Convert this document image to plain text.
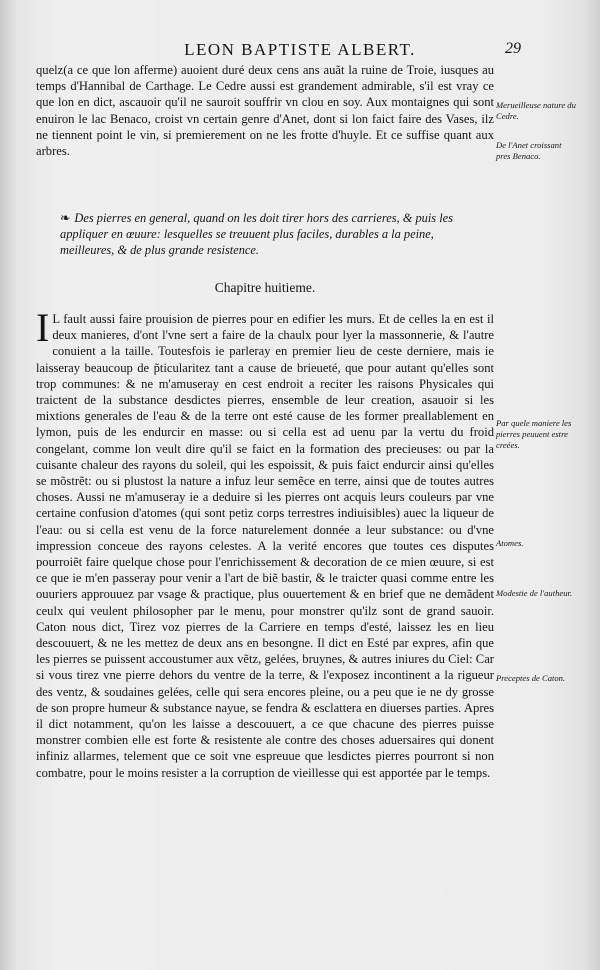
LEON BAPTISTE ALBERT.	29

quelz(a ce que lon afferme) auoient duré deux cens ans auãt la ruine de Troie, iusques au temps d'Hannibal de Carthage. Le Cedre aussi est grandement admirable, s'il est vray ce que lon en dict, ascauoir qu'il ne sauroit souffrir vn clou en soy. Aux montaignes qui sont enuiron le lac Benaco, croist vn certain genre d'Anet, dont si lon faict faire des Vases, ilz ne tiennent point le vin, si premierement on ne les frotte d'huyle. Et ce suffise quant aux arbres.

Merueilleuse nature du Cedre.
De l'Anet croissant pres Benaco.
❧ Des pierres en general, quand on les doit tirer hors des carrieres, & puis les appliquer en œuure: lesquelles se treuuent plus faciles, durables a la peine, meilleures, & de plus grande resistence.
Chapitre huitieme.
I L fault aussi faire prouision de pierres pour en edifier les murs. Et de celles la en est il deux manieres, d'ont l'vne sert a faire de la chaulx pour lyer la massonnerie, & l'autre conuient a la taille. Toutesfois ie parleray en premier lieu de ceste derniere, mais ie laisseray beaucoup de p̃ticularitez tant a cause de brieueté, que pour autant qu'elles sont trop communes: & ne m'amuseray en cest endroit a reciter les raisons Physicales qui traictent de la substance desdictes pierres, ensemble de leur creation, asauoir si les mixtions generales de l'eau & de la terre ont esté cause de les former preallablement en lymon, puis de les endurcir en masse: ou si cella est ad uenu par la vertu du froid congelant, comme lon veult dire qu'il se faict en la formation des precieuses: ou par la cuisante chaleur des rayons du soleil, qui les espoissit, & puis faict endurcir ainsi qu'elles se mõstrẽt: ou si plustost la nature a infuz leur semẽce en terre, ainsi que de toutes autres choses. Aussi ne m'amuseray ie a deduire si les pierres ont acquis leurs couleurs par vne certaine confusion d'atomes (qui sont petiz corps terrestres indiuisibles) auec la liqueur de l'eau: ou si cella est venu de la force naturelement donnée a leur substance: ou d'vne impression conceue des rayons celestes. A la verité encores que toutes ces disputes pourroiẽt faire quelque chose pour l'enrichissement & decoration de ce mien œuure, si est ce que ie m'en passeray pour venir a l'art de biẽ bastir, & le traicter quasi comme entre les ouuriers approuuez par vsage & practique, plus ouuertement & en brief que ne demãdent ceulx qui veulent philosopher par le menu, pour monstrer qu'ilz sont de grand sauoir. Caton nous dict, Tirez voz pierres de la Carriere en temps d'esté, laissez les en lieu descouuert, & ne les mettez de deux ans en besongne. Il dict en Esté par expres, afin que les pierres se puissent accoustumer aux vẽtz, gelées, bruynes, & autres iniures du Ciel: Car si vous tirez vne pierre dehors du ventre de la terre, & l'exposez incontinent a la rigueur des ventz, & soudaines gelées, celle qui sera encores pleine, ou a peu que ie ne dy grosse de son propre humeur & substance nayue, se fendra & esclattera en diuerses parties. Apres il dict notamment, qu'on les laisse a descouuert, a ce que chacune des pierres puisse monstrer combien elle est forte & resistente ale contre des choses aduersaires qui donent infiniz allarmes, telement que ce soit vne espreuue que lesdictes pierres pourront si non combatre, pour le moins resister a la corruption de vieillesse qui est apportée par le temps.

Par quele maniere les pierres peuuent estre creées.
Atomes.
Modestie de l'autheur.
Preceptes de Caton.
